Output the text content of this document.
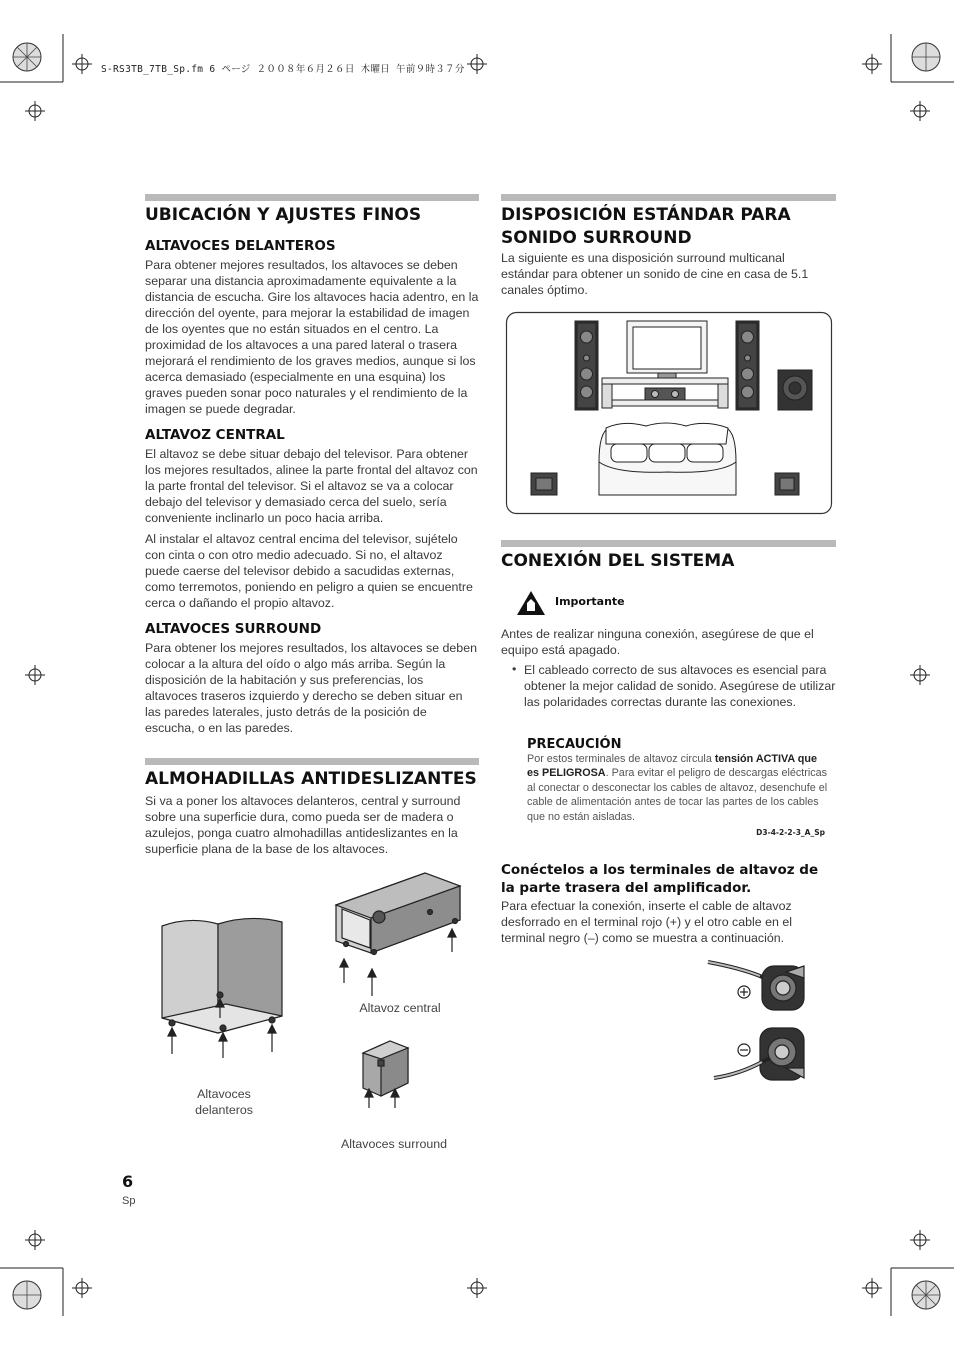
S-RS3TB_7TB_Sp.fm 6 ページ ２００８年６月２６日 木曜日 午前９時３７分
UBICACIÓN Y AJUSTES FINOS
ALTAVOCES DELANTEROS

Para obtener mejores resultados, los altavoces se deben separar una distancia aproximadamente equivalente a la distancia de escucha. Gire los altavoces hacia adentro, en la dirección del oyente, para mejorar la estabilidad de imagen de los oyentes que no están situados en el centro. La proximidad de los altavoces a una pared lateral o trasera mejorará el rendimiento de los graves medios, aunque si los acerca demasiado (especialmente en una esquina) los graves pueden sonar poco naturales y el rendimiento de la imagen se puede degradar.

ALTAVOZ CENTRAL

El altavoz se debe situar debajo del televisor. Para obtener los mejores resultados, alinee la parte frontal del altavoz con la parte frontal del televisor. Si el altavoz se va a colocar debajo del televisor y demasiado cerca del suelo, sería conveniente inclinarlo un poco hacia arriba.

Al instalar el altavoz central encima del televisor, sujételo con cinta o con otro medio adecuado. Si no, el altavoz puede caerse del televisor debido a sacudidas externas, como terremotos, poniendo en peligro a quien se encuentre cerca o dañando el propio altavoz.

ALTAVOCES SURROUND

Para obtener los mejores resultados, los altavoces se deben colocar a la altura del oído o algo más arriba. Según la disposición de la habitación y sus preferencias, los altavoces traseros izquierdo y derecho se deben situar en las paredes laterales, justo detrás de la posición de escucha, o en las paredes.

ALMOHADILLAS ANTIDESLIZANTES

Si va a poner los altavoces delanteros, central y surround sobre una superficie dura, como pueda ser de madera o azulejos, ponga cuatro almohadillas antideslizantes en la superficie plana de la base de los altavoces.

Altavoces delanteros
Altavoz central
Altavoces surround
DISPOSICIÓN ESTÁNDAR PARA SONIDO SURROUND

La siguiente es una disposición surround multicanal estándar para obtener un sonido de cine en casa de 5.1 canales óptimo.

CONEXIÓN DEL SISTEMA
Importante

Antes de realizar ninguna conexión, asegúrese de que el equipo está apagado.

• El cableado correcto de sus altavoces es esencial para obtener la mejor calidad de sonido. Asegúrese de utilizar las polaridades correctas durante las conexiones.

PRECAUCIÓN
Por estos terminales de altavoz circula tensión ACTIVA que es PELIGROSA. Para evitar el peligro de descargas eléctricas al conectar o desconectar los cables de altavoz, desenchufe el cable de alimentación antes de tocar las partes de los cables que no están aisladas.
D3-4-2-2-3_A_Sp
Conéctelos a los terminales de altavoz de la parte trasera del amplificador.

Para efectuar la conexión, inserte el cable de altavoz desforrado en el terminal rojo (+) y el otro cable en el terminal negro (–) como se muestra a continuación.

6
Sp
